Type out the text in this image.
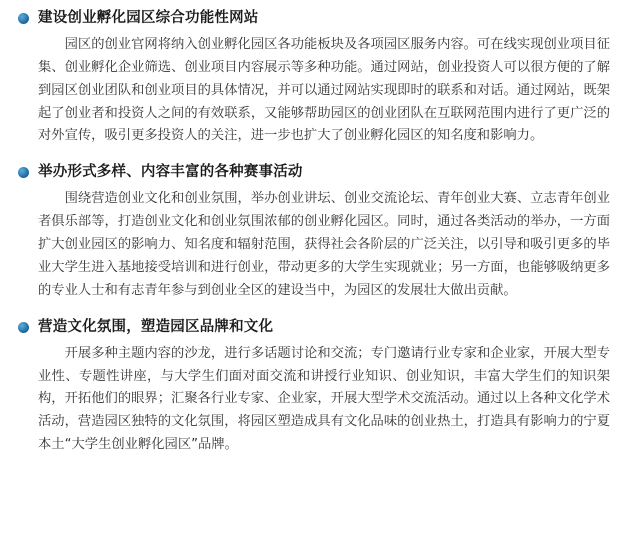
建设创业孵化园区综合功能性网站

园区的创业官网将纳入创业孵化园区各功能板块及各项园区服务内容。可在线实现创业项目征集、创业孵化企业筛选、创业项目内容展示等多种功能。通过网站，创业投资人可以很方便的了解到园区创业团队和创业项目的具体情况，并可以通过网站实现即时的联系和对话。通过网站，既架起了创业者和投资人之间的有效联系，又能够帮助园区的创业团队在互联网范围内进行了更广泛的对外宣传，吸引更多投资人的关注，进一步也扩大了创业孵化园区的知名度和影响力。

举办形式多样、内容丰富的各种赛事活动

围绕营造创业文化和创业氛围，举办创业讲坛、创业交流论坛、青年创业大赛、立志青年创业者俱乐部等，打造创业文化和创业氛围浓郁的创业孵化园区。同时，通过各类活动的举办，一方面扩大创业园区的影响力、知名度和辐射范围，获得社会各阶层的广泛关注，以引导和吸引更多的毕业大学生进入基地接受培训和进行创业，带动更多的大学生实现就业；另一方面，也能够吸纳更多的专业人士和有志青年参与到创业全区的建设当中，为园区的发展壮大做出贡献。

营造文化氛围，塑造园区品牌和文化

开展多种主题内容的沙龙，进行多话题讨论和交流；专门邀请行业专家和企业家，开展大型专业性、专题性讲座，与大学生们面对面交流和讲授行业知识、创业知识，丰富大学生们的知识架构，开拓他们的眼界；汇聚各行业专家、企业家，开展大型学术交流活动。通过以上各种文化学术活动，营造园区独特的文化氛围，将园区塑造成具有文化品味的创业热土，打造具有影响力的宁夏本土“大学生创业孵化园区”品牌。
